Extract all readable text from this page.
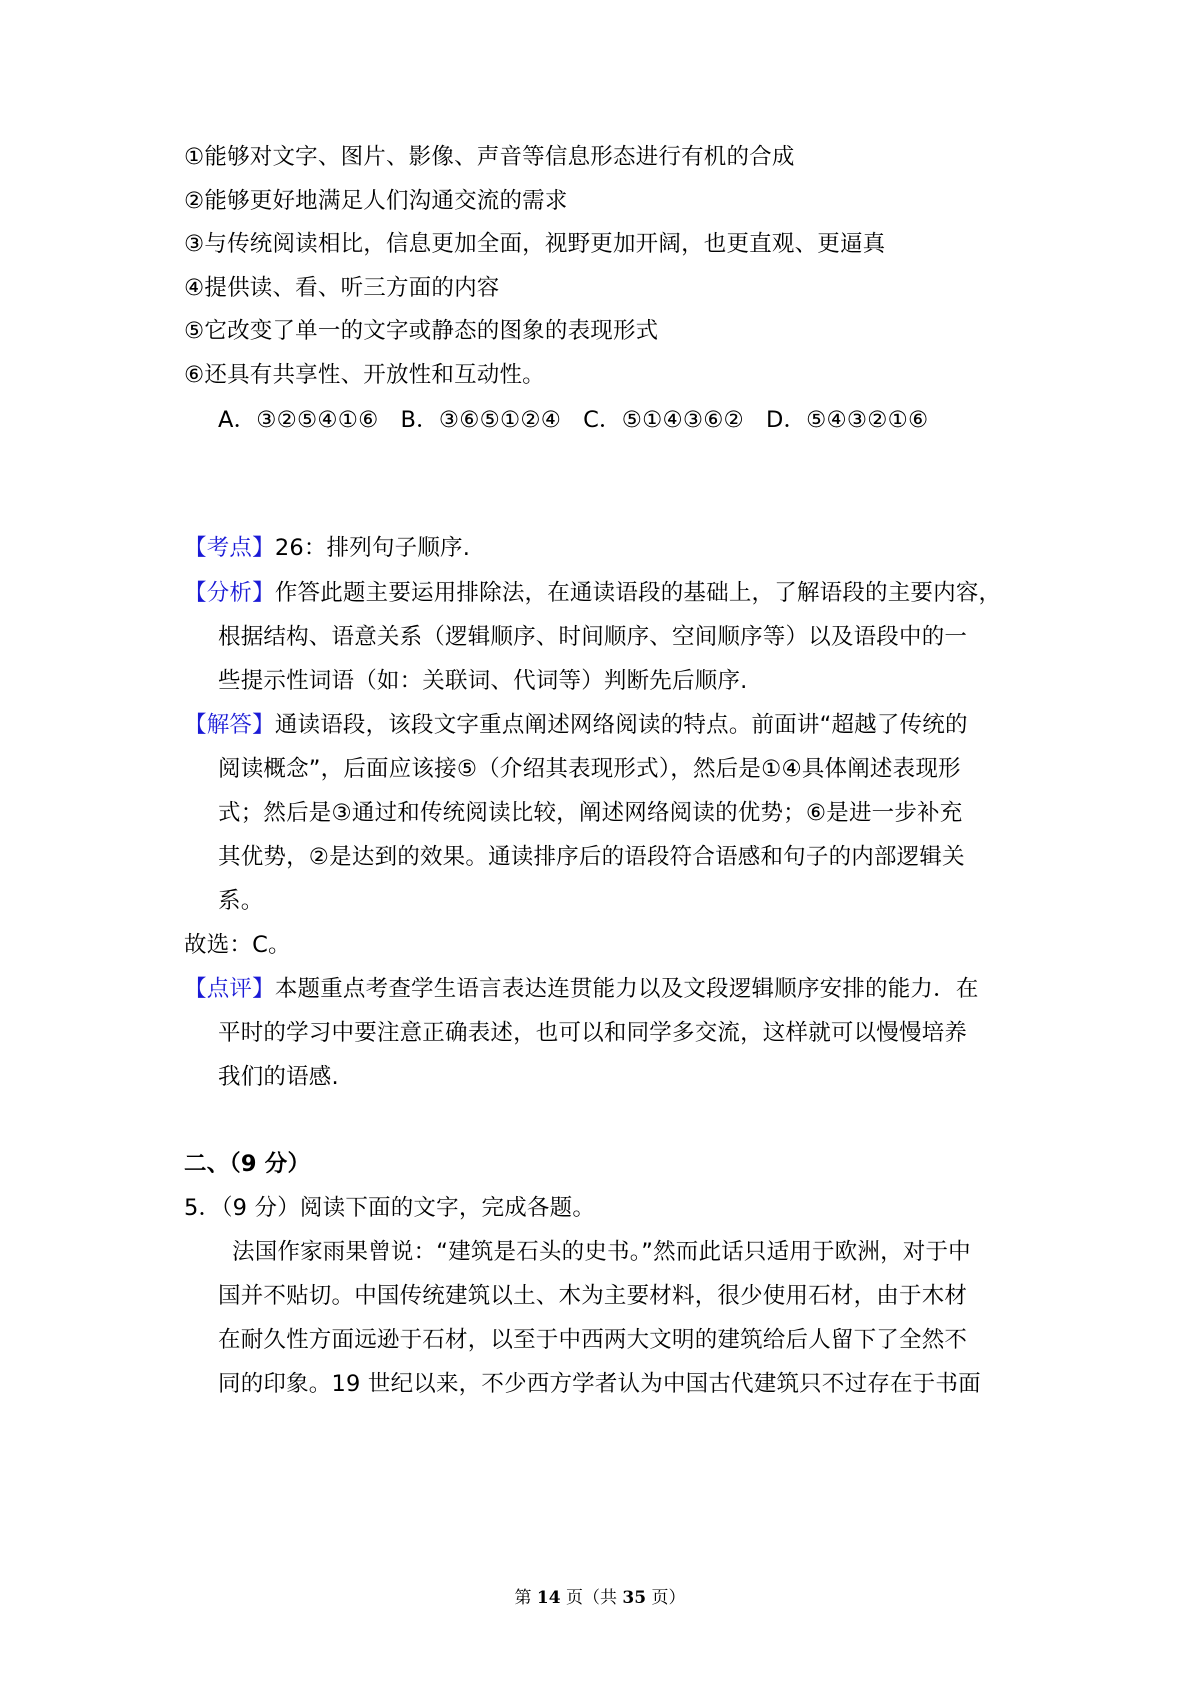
①能够对文字、图片、影像、声音等信息形态进行有机的合成
②能够更好地满足人们沟通交流的需求
③与传统阅读相比，信息更加全面，视野更加开阔，也更直观、更逼真
④提供读、看、听三方面的内容
⑤它改变了单一的文字或静态的图象的表现形式
⑥还具有共享性、开放性和互动性。
A．③②⑤④①⑥ B．③⑥⑤①②④ C．⑤①④③⑥② D．⑤④③②①⑥
【考点】26：排列句子顺序.
【分析】作答此题主要运用排除法，在通读语段的基础上，了解语段的主要内容，
根据结构、语意关系（逻辑顺序、时间顺序、空间顺序等）以及语段中的一
些提示性词语（如：关联词、代词等）判断先后顺序.
【解答】通读语段，该段文字重点阐述网络阅读的特点。前面讲“超越了传统的
阅读概念”，后面应该接⑤（介绍其表现形式），然后是①④具体阐述表现形
式；然后是③通过和传统阅读比较，阐述网络阅读的优势；⑥是进一步补充
其优势，②是达到的效果。通读排序后的语段符合语感和句子的内部逻辑关
系。
故选：C。
【点评】本题重点考查学生语言表达连贯能力以及文段逻辑顺序安排的能力．在
平时的学习中要注意正确表述，也可以和同学多交流，这样就可以慢慢培养
我们的语感.
二、（9 分）
5．（9 分）阅读下面的文字，完成各题。
法国作家雨果曾说：“建筑是石头的史书。”然而此话只适用于欧洲，对于中
国并不贴切。中国传统建筑以土、木为主要材料，很少使用石材，由于木材
在耐久性方面远逊于石材，以至于中西两大文明的建筑给后人留下了全然不
同的印象。19 世纪以来，不少西方学者认为中国古代建筑只不过存在于书面
第 14 页（共 35 页）
